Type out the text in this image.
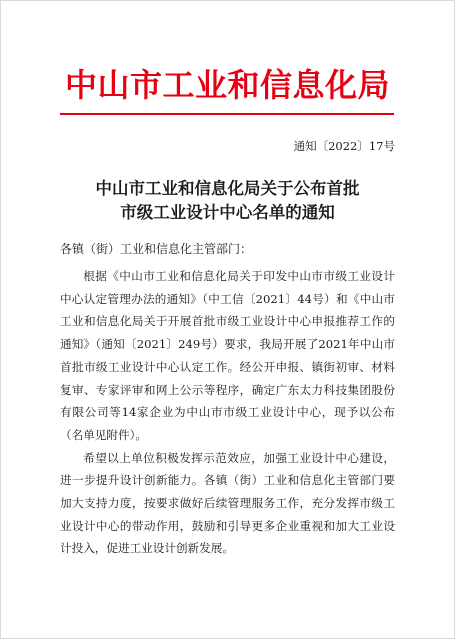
中山市工业和信息化局
通知〔2022〕17号
中山市工业和信息化局关于公布首批
市级工业设计中心名单的通知
各镇（街）工业和信息化主管部门：

根据《中山市工业和信息化局关于印发中山市市级工业设计中心认定管理办法的通知》（中工信〔2021〕44号）和《中山市工业和信息化局关于开展首批市级工业设计中心申报推荐工作的通知》（通知〔2021〕249号）要求，我局开展了2021年中山市首批市级工业设计中心认定工作。经公开申报、镇街初审、材料复审、专家评审和网上公示等程序，确定广东太力科技集团股份有限公司等14家企业为中山市市级工业设计中心，现予以公布（名单见附件）。

希望以上单位积极发挥示范效应，加强工业设计中心建设，进一步提升设计创新能力。各镇（街）工业和信息化主管部门要加大支持力度，按要求做好后续管理服务工作，充分发挥市级工业设计中心的带动作用，鼓励和引导更多企业重视和加大工业设计投入，促进工业设计创新发展。
